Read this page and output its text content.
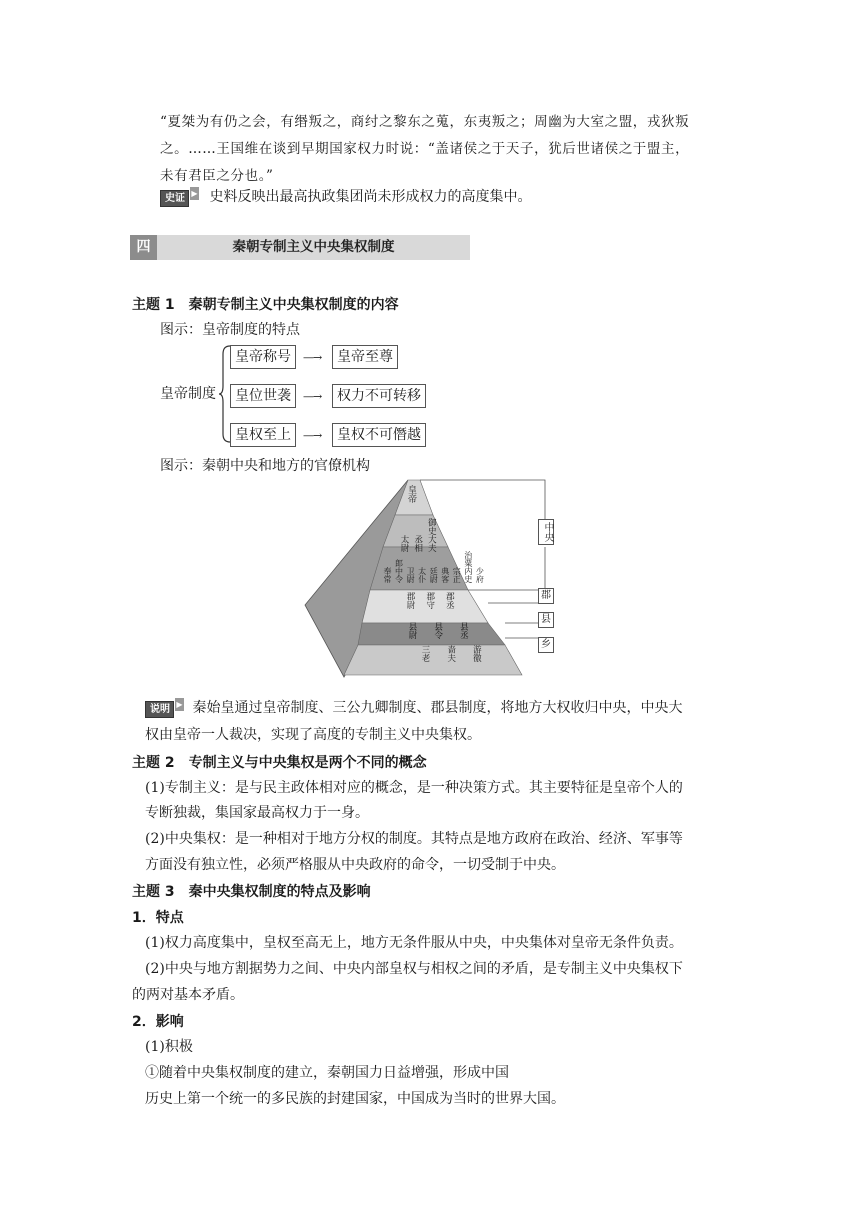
“夏桀为有仍之会，有缗叛之，商纣之黎东之蒐，东夷叛之；周幽为大室之盟，戎狄叛
之。……王国维在谈到早期国家权力时说：“盖诸侯之于天子，犹后世诸侯之于盟主，
未有君臣之分也。”
史证 ▶ 史料反映出最高执政集团尚未形成权力的高度集中。
四	秦朝专制主义中央集权制度
主题 1　秦朝专制主义中央集权制度的内容
图示：皇帝制度的特点
皇帝制度
皇帝称号
皇位世袭
皇权至上
—→
—→
—→
皇帝至尊
权力不可转移
皇权不可僭越
图示：秦朝中央和地方的官僚机构
皇帝
太尉 丞相 御史大夫
奉常 郎中令 卫尉 太仆 廷尉 典客 宗正 治粟内史 少府
郡尉 郡守 郡丞
县尉 县令 县丞
三老 啬夫 游徼
中央
郡
县
乡
说明 ▶ 秦始皇通过皇帝制度、三公九卿制度、郡县制度，将地方大权收归中央，中央大
权由皇帝一人裁决，实现了高度的专制主义中央集权。
主题 2　专制主义与中央集权是两个不同的概念
(1)专制主义：是与民主政体相对应的概念，是一种决策方式。其主要特征是皇帝个人的
专断独裁，集国家最高权力于一身。
(2)中央集权：是一种相对于地方分权的制度。其特点是地方政府在政治、经济、军事等
方面没有独立性，必须严格服从中央政府的命令，一切受制于中央。
主题 3　秦中央集权制度的特点及影响
1．特点
(1)权力高度集中，皇权至高无上，地方无条件服从中央，中央集体对皇帝无条件负责。
(2)中央与地方割据势力之间、中央内部皇权与相权之间的矛盾，是专制主义中央集权下
的两对基本矛盾。
2．影响
(1)积极
①随着中央集权制度的建立，秦朝国力日益增强，形成中国
历史上第一个统一的多民族的封建国家，中国成为当时的世界大国。
